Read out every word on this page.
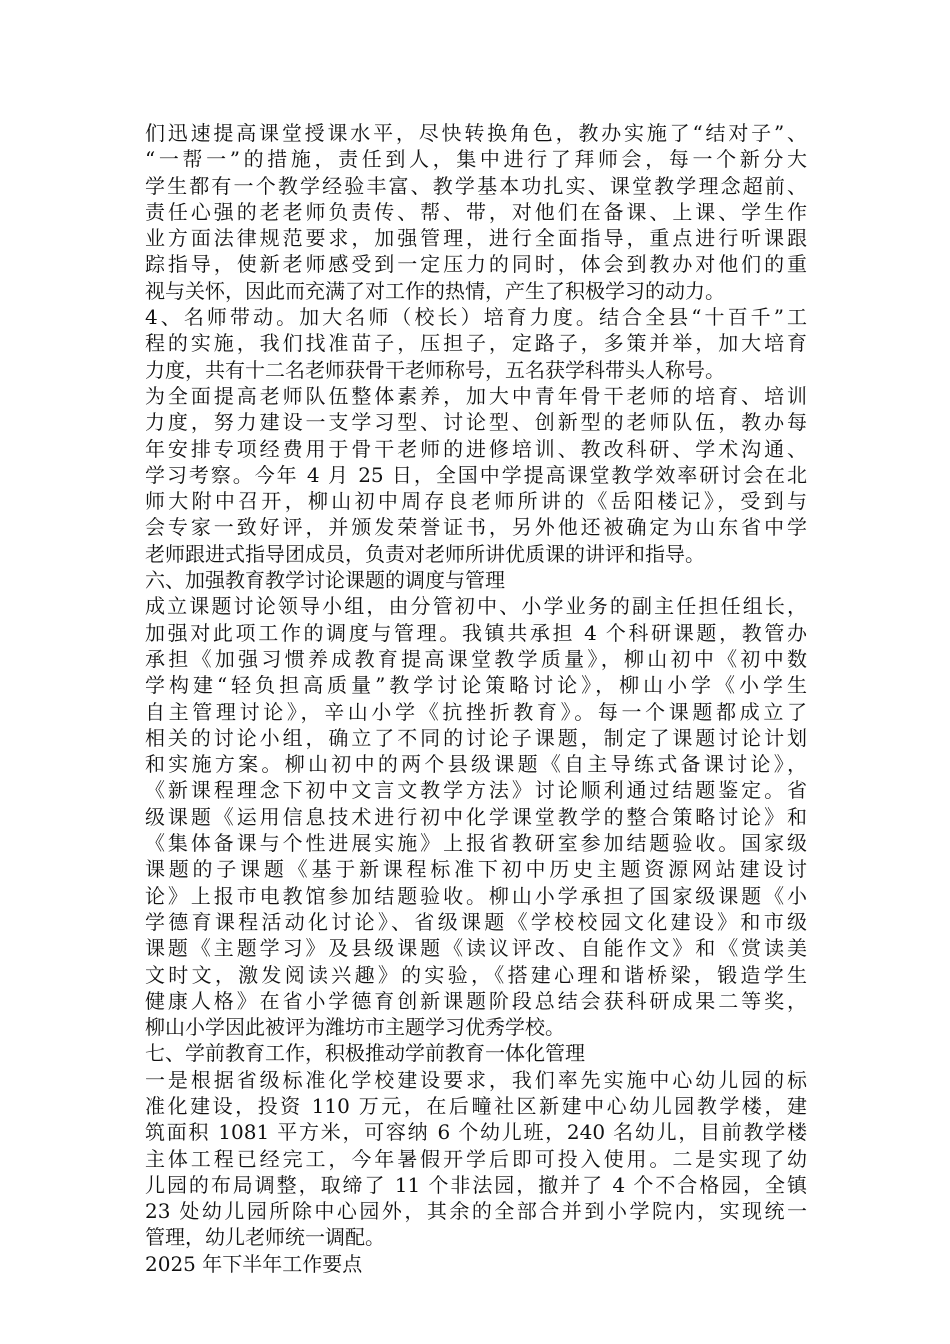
们迅速提高课堂授课水平，尽快转换角色，教办实施了“结对子”、
“一帮一”的措施，责任到人，集中进行了拜师会，每一个新分大
学生都有一个教学经验丰富、教学基本功扎实、课堂教学理念超前、
责任心强的老老师负责传、帮、带，对他们在备课、上课、学生作
业方面法律规范要求，加强管理，进行全面指导，重点进行听课跟
踪指导，使新老师感受到一定压力的同时，体会到教办对他们的重
视与关怀，因此而充满了对工作的热情，产生了积极学习的动力。
4、名师带动。加大名师（校长）培育力度。结合全县“十百千”工
程的实施，我们找准苗子，压担子，定路子，多策并举，加大培育
力度，共有十二名老师获骨干老师称号，五名获学科带头人称号。
为全面提高老师队伍整体素养，加大中青年骨干老师的培育、培训
力度，努力建设一支学习型、讨论型、创新型的老师队伍，教办每
年安排专项经费用于骨干老师的进修培训、教改科研、学术沟通、
学习考察。今年 4 月 25 日，全国中学提高课堂教学效率研讨会在北
师大附中召开，柳山初中周存良老师所讲的《岳阳楼记》，受到与
会专家一致好评，并颁发荣誉证书，另外他还被确定为山东省中学
老师跟进式指导团成员，负责对老师所讲优质课的讲评和指导。
六、加强教育教学讨论课题的调度与管理
成立课题讨论领导小组，由分管初中、小学业务的副主任担任组长，
加强对此项工作的调度与管理。我镇共承担 4 个科研课题，教管办
承担《加强习惯养成教育提高课堂教学质量》，柳山初中《初中数
学构建“轻负担高质量”教学讨论策略讨论》，柳山小学《小学生
自主管理讨论》，辛山小学《抗挫折教育》。每一个课题都成立了
相关的讨论小组，确立了不同的讨论子课题，制定了课题讨论计划
和实施方案。柳山初中的两个县级课题《自主导练式备课讨论》，
《新课程理念下初中文言文教学方法》讨论顺利通过结题鉴定。省
级课题《运用信息技术进行初中化学课堂教学的整合策略讨论》和
《集体备课与个性进展实施》上报省教研室参加结题验收。国家级
课题的子课题《基于新课程标准下初中历史主题资源网站建设讨
论》上报市电教馆参加结题验收。柳山小学承担了国家级课题《小
学德育课程活动化讨论》、省级课题《学校校园文化建设》和市级
课题《主题学习》及县级课题《读议评改、自能作文》和《赏读美
文时文，激发阅读兴趣》的实验，《搭建心理和谐桥梁，锻造学生
健康人格》在省小学德育创新课题阶段总结会获科研成果二等奖，
柳山小学因此被评为潍坊市主题学习优秀学校。
七、学前教育工作，积极推动学前教育一体化管理
一是根据省级标准化学校建设要求，我们率先实施中心幼儿园的标
准化建设，投资 110 万元，在后疃社区新建中心幼儿园教学楼，建
筑面积 1081 平方米，可容纳 6 个幼儿班，240 名幼儿，目前教学楼
主体工程已经完工，今年暑假开学后即可投入使用。二是实现了幼
儿园的布局调整，取缔了 11 个非法园，撤并了 4 个不合格园，全镇
23 处幼儿园所除中心园外，其余的全部合并到小学院内，实现统一
管理，幼儿老师统一调配。
2025 年下半年工作要点
